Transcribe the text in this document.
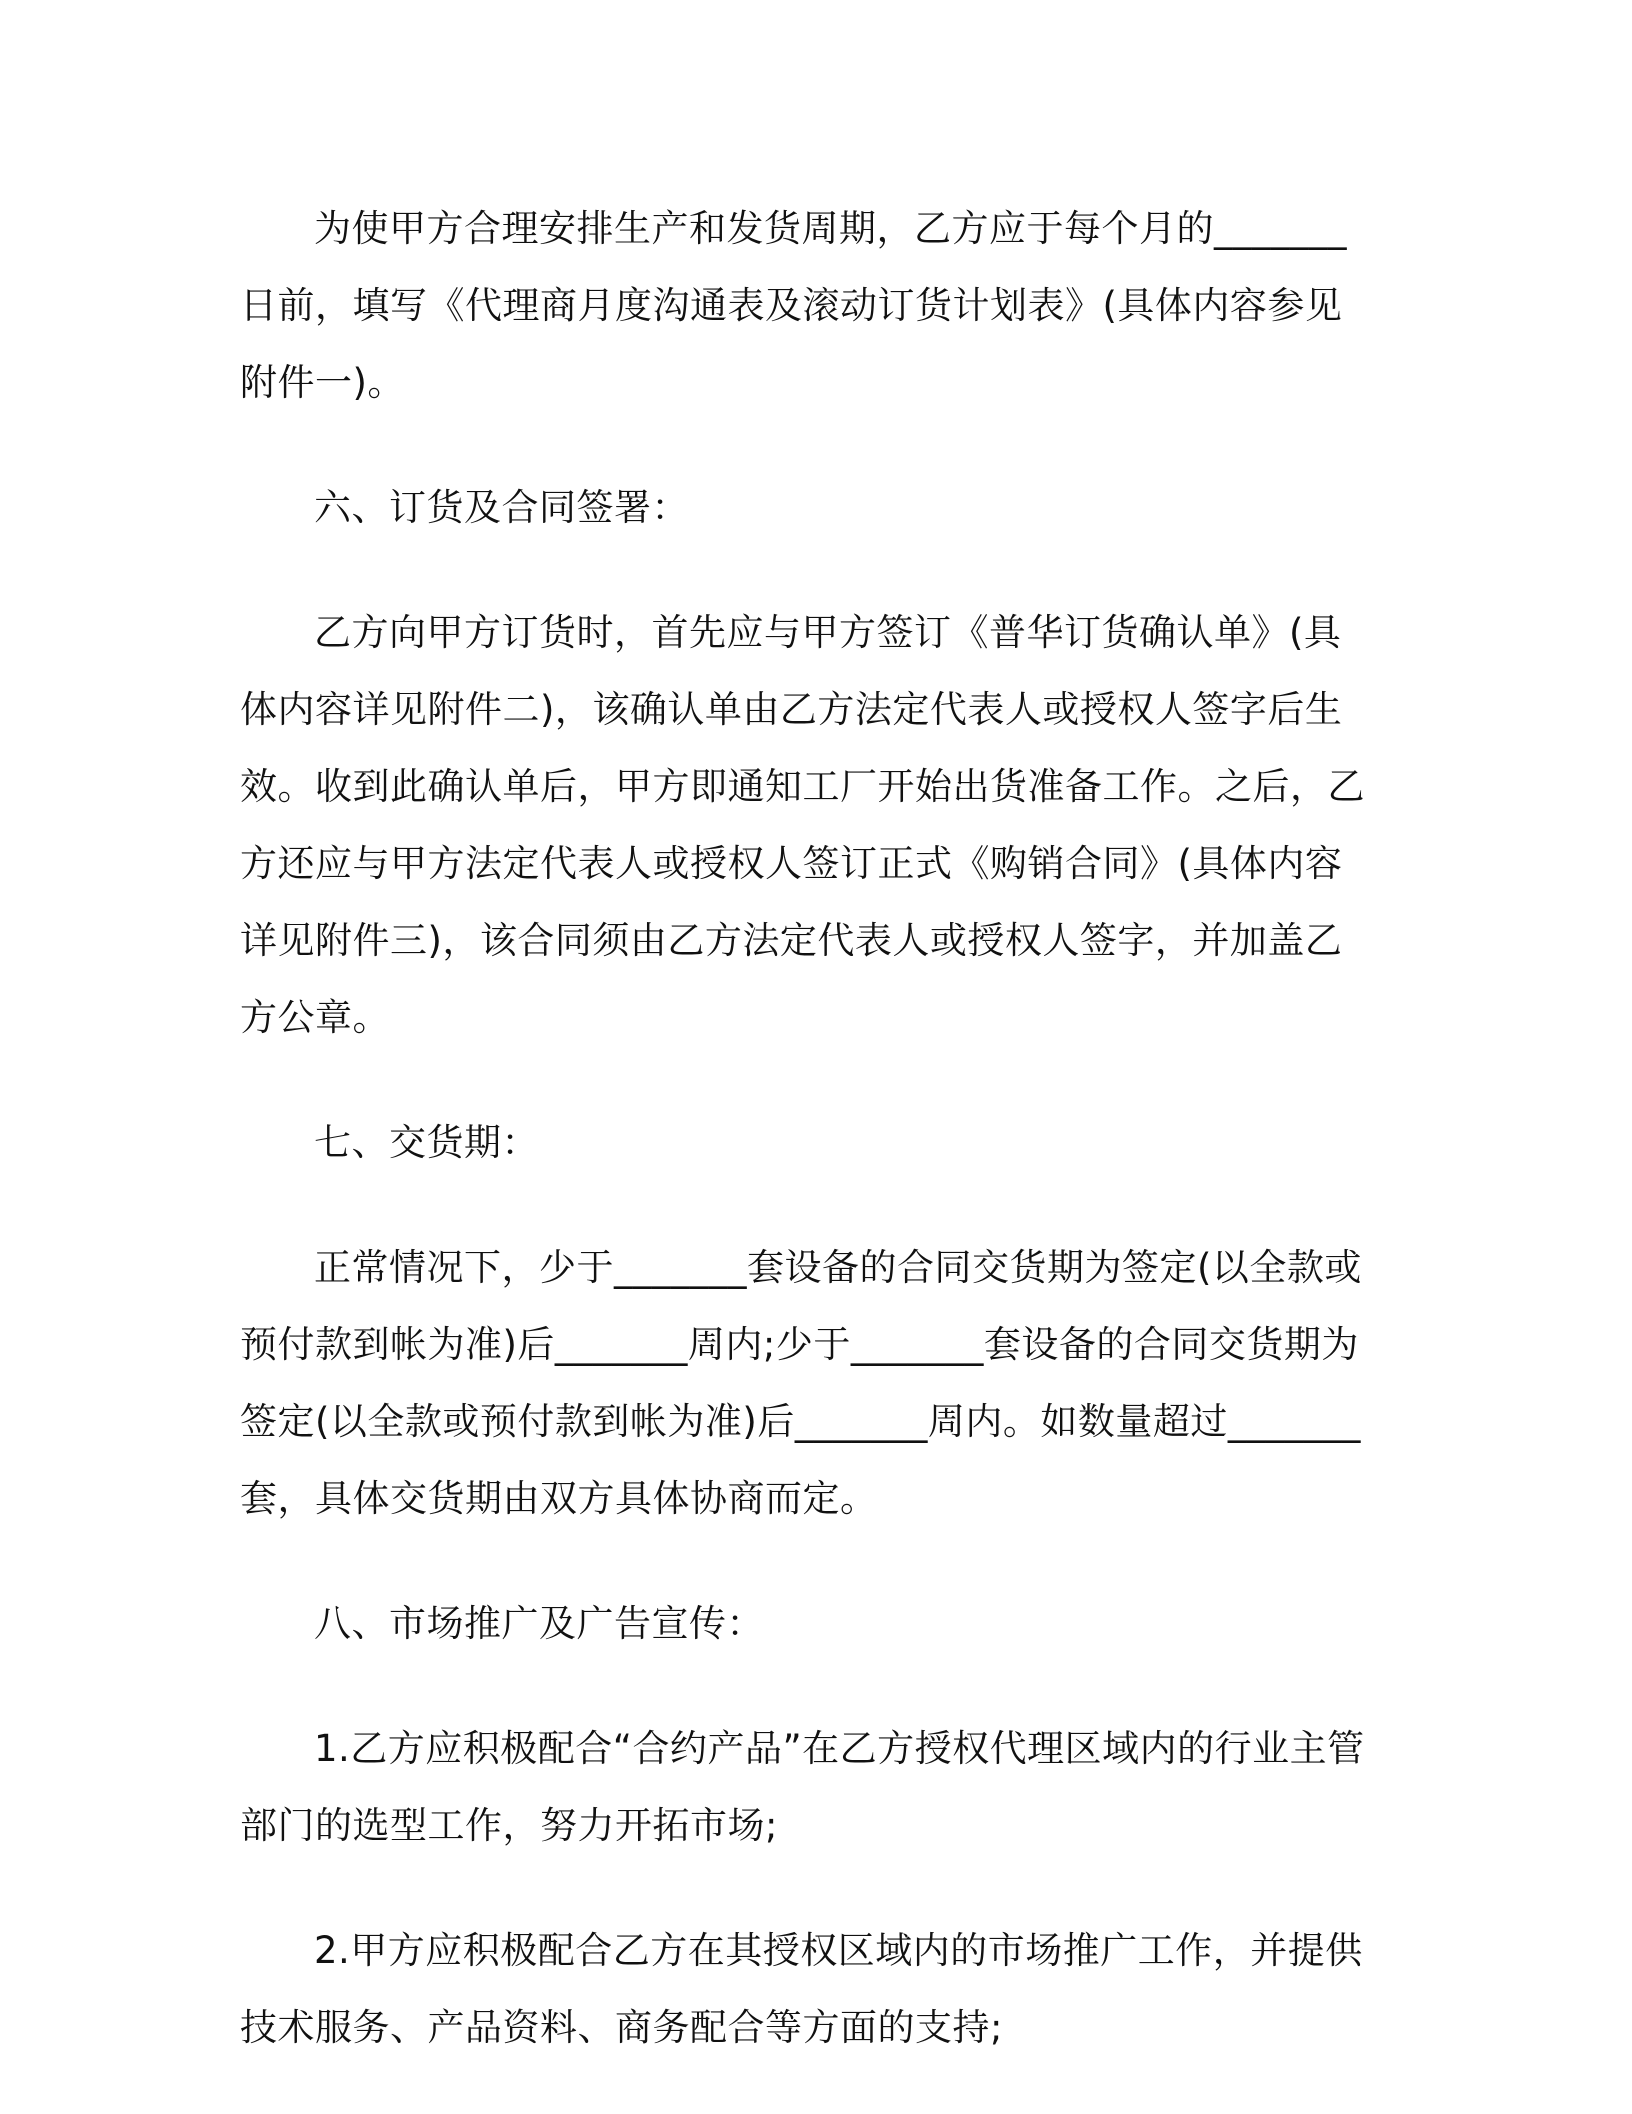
为使甲方合理安排生产和发货周期，乙方应于每个月的_______日前，填写《代理商月度沟通表及滚动订货计划表》(具体内容参见附件一)。

六、订货及合同签署：

乙方向甲方订货时，首先应与甲方签订《普华订货确认单》(具体内容详见附件二)，该确认单由乙方法定代表人或授权人签字后生效。收到此确认单后，甲方即通知工厂开始出货准备工作。之后，乙方还应与甲方法定代表人或授权人签订正式《购销合同》(具体内容详见附件三)，该合同须由乙方法定代表人或授权人签字，并加盖乙方公章。

七、交货期：

正常情况下，少于_______套设备的合同交货期为签定(以全款或预付款到帐为准)后_______周内;少于_______套设备的合同交货期为签定(以全款或预付款到帐为准)后_______周内。如数量超过_______套，具体交货期由双方具体协商而定。

八、市场推广及广告宣传：

1.乙方应积极配合“合约产品”在乙方授权代理区域内的行业主管部门的选型工作，努力开拓市场;

2.甲方应积极配合乙方在其授权区域内的市场推广工作，并提供技术服务、产品资料、商务配合等方面的支持;
